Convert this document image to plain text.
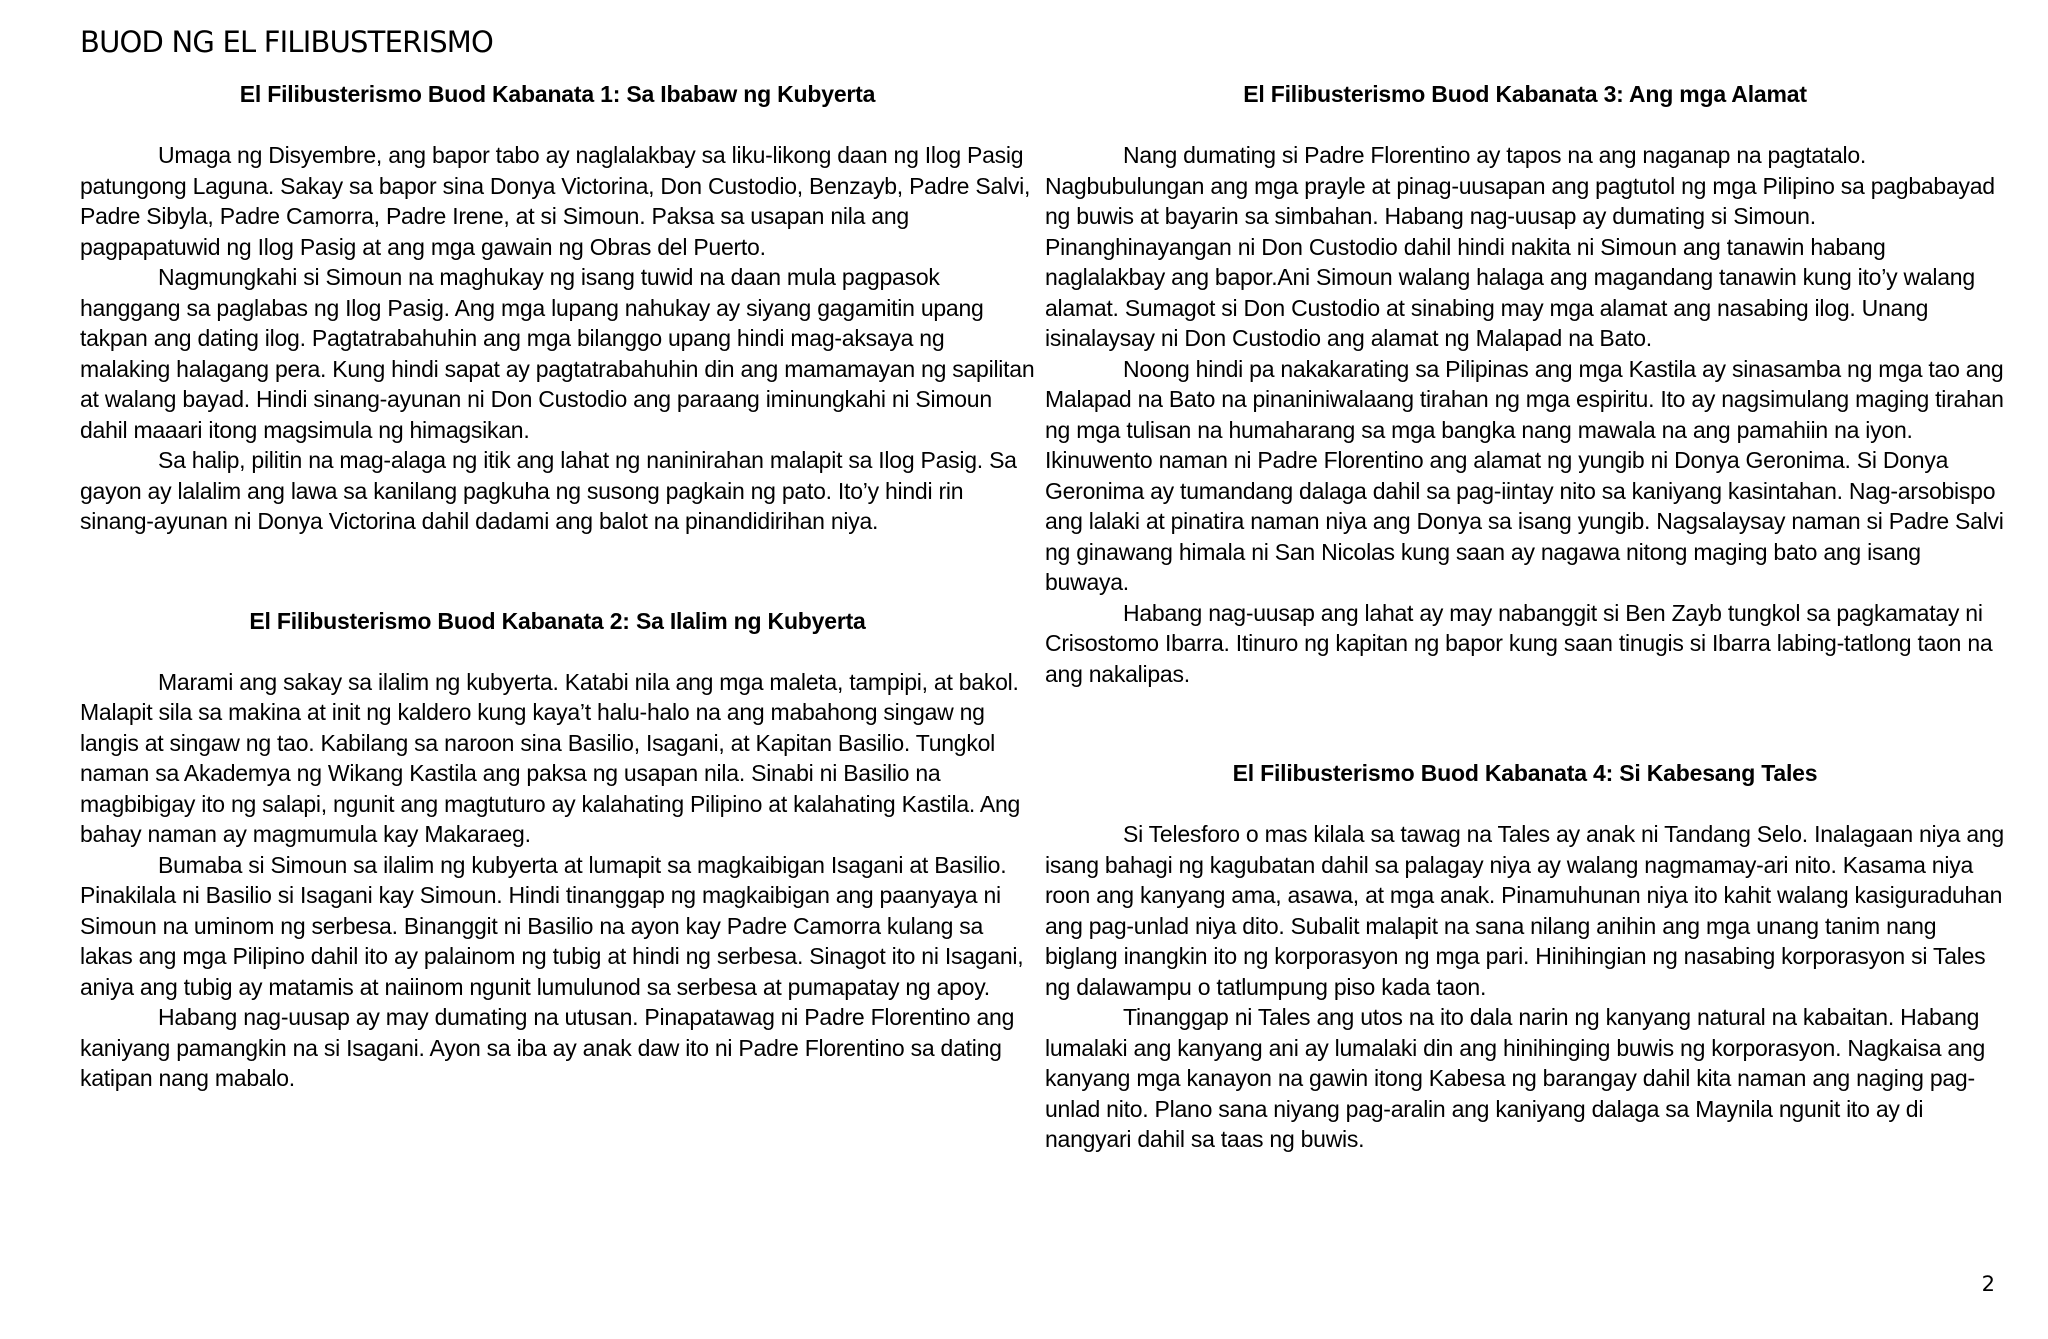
BUOD NG EL FILIBUSTERISMO
El Filibusterismo Buod Kabanata 1: Sa Ibabaw ng Kubyerta

Umaga ng Disyembre, ang bapor tabo ay naglalakbay sa liku-likong daan ng Ilog Pasig patungong Laguna. Sakay sa bapor sina Donya Victorina, Don Custodio, Benzayb, Padre Salvi, Padre Sibyla, Padre Camorra, Padre Irene, at si Simoun. Paksa sa usapan nila ang pagpapatuwid ng Ilog Pasig at ang mga gawain ng Obras del Puerto.

Nagmungkahi si Simoun na maghukay ng isang tuwid na daan mula pagpasok hanggang sa paglabas ng Ilog Pasig. Ang mga lupang nahukay ay siyang gagamitin upang takpan ang dating ilog. Pagtatrabahuhin ang mga bilanggo upang hindi mag-aksaya ng malaking halagang pera. Kung hindi sapat ay pagtatrabahuhin din ang mamamayan ng sapilitan at walang bayad. Hindi sinang-ayunan ni Don Custodio ang paraang iminungkahi ni Simoun dahil maaari itong magsimula ng himagsikan.

Sa halip, pilitin na mag-alaga ng itik ang lahat ng naninirahan malapit sa Ilog Pasig. Sa gayon ay lalalim ang lawa sa kanilang pagkuha ng susong pagkain ng pato. Ito’y hindi rin sinang-ayunan ni Donya Victorina dahil dadami ang balot na pinandidirihan niya.

El Filibusterismo Buod Kabanata 2: Sa Ilalim ng Kubyerta

Marami ang sakay sa ilalim ng kubyerta. Katabi nila ang mga maleta, tampipi, at bakol. Malapit sila sa makina at init ng kaldero kung kaya’t halu-halo na ang mabahong singaw ng langis at singaw ng tao. Kabilang sa naroon sina Basilio, Isagani, at Kapitan Basilio. Tungkol naman sa Akademya ng Wikang Kastila ang paksa ng usapan nila. Sinabi ni Basilio na magbibigay ito ng salapi, ngunit ang magtuturo ay kalahating Pilipino at kalahating Kastila. Ang bahay naman ay magmumula kay Makaraeg.

Bumaba si Simoun sa ilalim ng kubyerta at lumapit sa magkaibigan Isagani at Basilio. Pinakilala ni Basilio si Isagani kay Simoun. Hindi tinanggap ng magkaibigan ang paanyaya ni Simoun na uminom ng serbesa. Binanggit ni Basilio na ayon kay Padre Camorra kulang sa lakas ang mga Pilipino dahil ito ay palainom ng tubig at hindi ng serbesa. Sinagot ito ni Isagani, aniya ang tubig ay matamis at naiinom ngunit lumulunod sa serbesa at pumapatay ng apoy.

Habang nag-uusap ay may dumating na utusan. Pinapatawag ni Padre Florentino ang kaniyang pamangkin na si Isagani. Ayon sa iba ay anak daw ito ni Padre Florentino sa dating katipan nang mabalo.

El Filibusterismo Buod Kabanata 3: Ang mga Alamat

Nang dumating si Padre Florentino ay tapos na ang naganap na pagtatalo. Nagbubulungan ang mga prayle at pinag-uusapan ang pagtutol ng mga Pilipino sa pagbabayad ng buwis at bayarin sa simbahan. Habang nag-uusap ay dumating si Simoun. Pinanghinayangan ni Don Custodio dahil hindi nakita ni Simoun ang tanawin habang naglalakbay ang bapor.Ani Simoun walang halaga ang magandang tanawin kung ito’y walang alamat. Sumagot si Don Custodio at sinabing may mga alamat ang nasabing ilog. Unang isinalaysay ni Don Custodio ang alamat ng Malapad na Bato.

Noong hindi pa nakakarating sa Pilipinas ang mga Kastila ay sinasamba ng mga tao ang Malapad na Bato na pinaniniwalaang tirahan ng mga espiritu. Ito ay nagsimulang maging tirahan ng mga tulisan na humaharang sa mga bangka nang mawala na ang pamahiin na iyon. Ikinuwento naman ni Padre Florentino ang alamat ng yungib ni Donya Geronima. Si Donya Geronima ay tumandang dalaga dahil sa pag-iintay nito sa kaniyang kasintahan. Nag-arsobispo ang lalaki at pinatira naman niya ang Donya sa isang yungib. Nagsalaysay naman si Padre Salvi ng ginawang himala ni San Nicolas kung saan ay nagawa nitong maging bato ang isang buwaya.

Habang nag-uusap ang lahat ay may nabanggit si Ben Zayb tungkol sa pagkamatay ni Crisostomo Ibarra. Itinuro ng kapitan ng bapor kung saan tinugis si Ibarra labing-tatlong taon na ang nakalipas.

El Filibusterismo Buod Kabanata 4: Si Kabesang Tales

Si Telesforo o mas kilala sa tawag na Tales ay anak ni Tandang Selo. Inalagaan niya ang isang bahagi ng kagubatan dahil sa palagay niya ay walang nagmamay-ari nito. Kasama niya roon ang kanyang ama, asawa, at mga anak. Pinamuhunan niya ito kahit walang kasiguraduhan ang pag-unlad niya dito. Subalit malapit na sana nilang anihin ang mga unang tanim nang biglang inangkin ito ng korporasyon ng mga pari. Hinihingian ng nasabing korporasyon si Tales ng dalawampu o tatlumpung piso kada taon.

Tinanggap ni Tales ang utos na ito dala narin ng kanyang natural na kabaitan. Habang lumalaki ang kanyang ani ay lumalaki din ang hinihinging buwis ng korporasyon. Nagkaisa ang kanyang mga kanayon na gawin itong Kabesa ng barangay dahil kita naman ang naging pag-unlad nito. Plano sana niyang pag-aralin ang kaniyang dalaga sa Maynila ngunit ito ay di nangyari dahil sa taas ng buwis.

2
